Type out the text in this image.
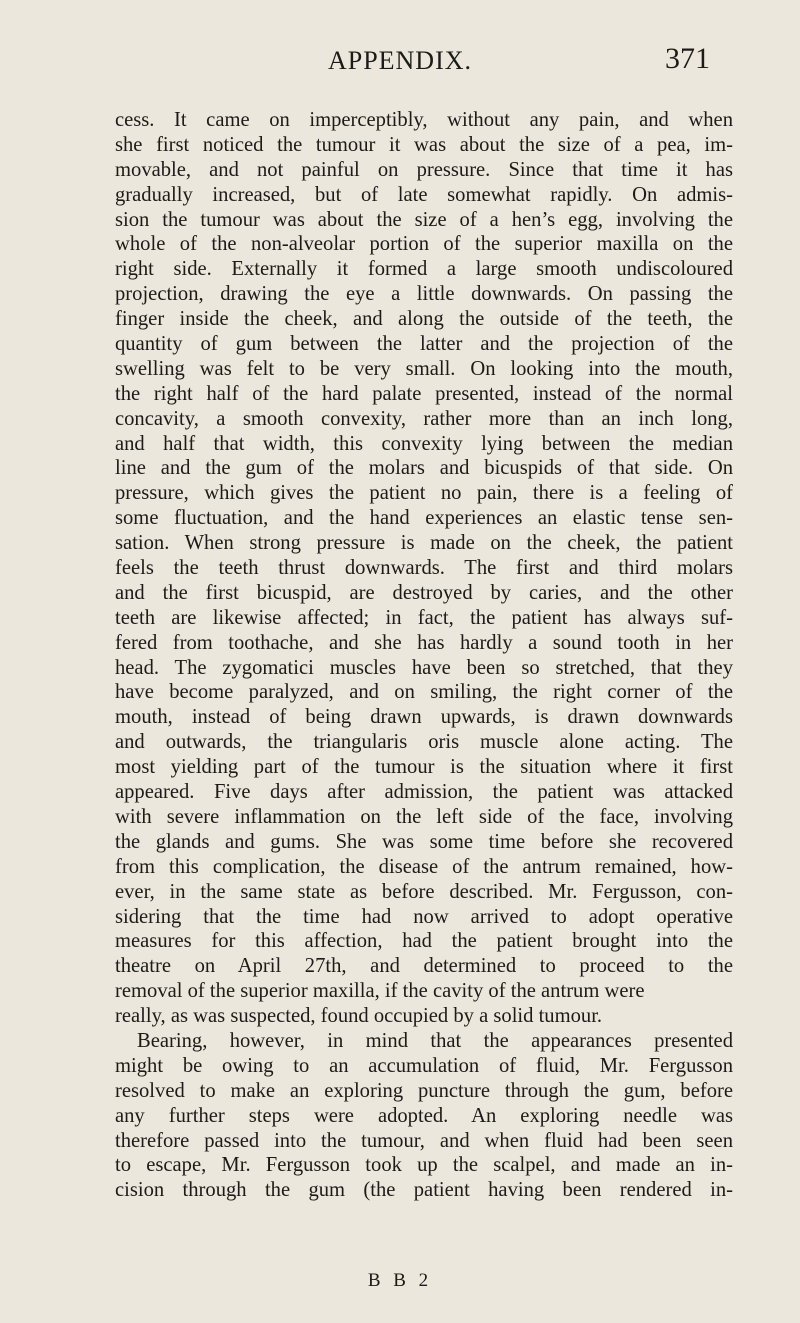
APPENDIX.	371
cess. It came on imperceptibly, without any pain, and when
she first noticed the tumour it was about the size of a pea, im-
movable, and not painful on pressure. Since that time it has
gradually increased, but of late somewhat rapidly. On admis-
sion the tumour was about the size of a hen’s egg, involving the
whole of the non-alveolar portion of the superior maxilla on the
right side. Externally it formed a large smooth undiscoloured
projection, drawing the eye a little downwards. On passing the
finger inside the cheek, and along the outside of the teeth, the
quantity of gum between the latter and the projection of the
swelling was felt to be very small. On looking into the mouth,
the right half of the hard palate presented, instead of the normal
concavity, a smooth convexity, rather more than an inch long,
and half that width, this convexity lying between the median
line and the gum of the molars and bicuspids of that side. On
pressure, which gives the patient no pain, there is a feeling of
some fluctuation, and the hand experiences an elastic tense sen-
sation. When strong pressure is made on the cheek, the patient
feels the teeth thrust downwards. The first and third molars
and the first bicuspid, are destroyed by caries, and the other
teeth are likewise affected; in fact, the patient has always suf-
fered from toothache, and she has hardly a sound tooth in her
head. The zygomatici muscles have been so stretched, that they
have become paralyzed, and on smiling, the right corner of the
mouth, instead of being drawn upwards, is drawn downwards
and outwards, the triangularis oris muscle alone acting. The
most yielding part of the tumour is the situation where it first
appeared. Five days after admission, the patient was attacked
with severe inflammation on the left side of the face, involving
the glands and gums. She was some time before she recovered
from this complication, the disease of the antrum remained, how-
ever, in the same state as before described. Mr. Fergusson, con-
sidering that the time had now arrived to adopt operative
measures for this affection, had the patient brought into the
theatre on April 27th, and determined to proceed to the
removal of the superior maxilla, if the cavity of the antrum were
really, as was suspected, found occupied by a solid tumour.
Bearing, however, in mind that the appearances presented
might be owing to an accumulation of fluid, Mr. Fergusson
resolved to make an exploring puncture through the gum, before
any further steps were adopted. An exploring needle was
therefore passed into the tumour, and when fluid had been seen
to escape, Mr. Fergusson took up the scalpel, and made an in-
cision through the gum (the patient having been rendered in-
B B 2
